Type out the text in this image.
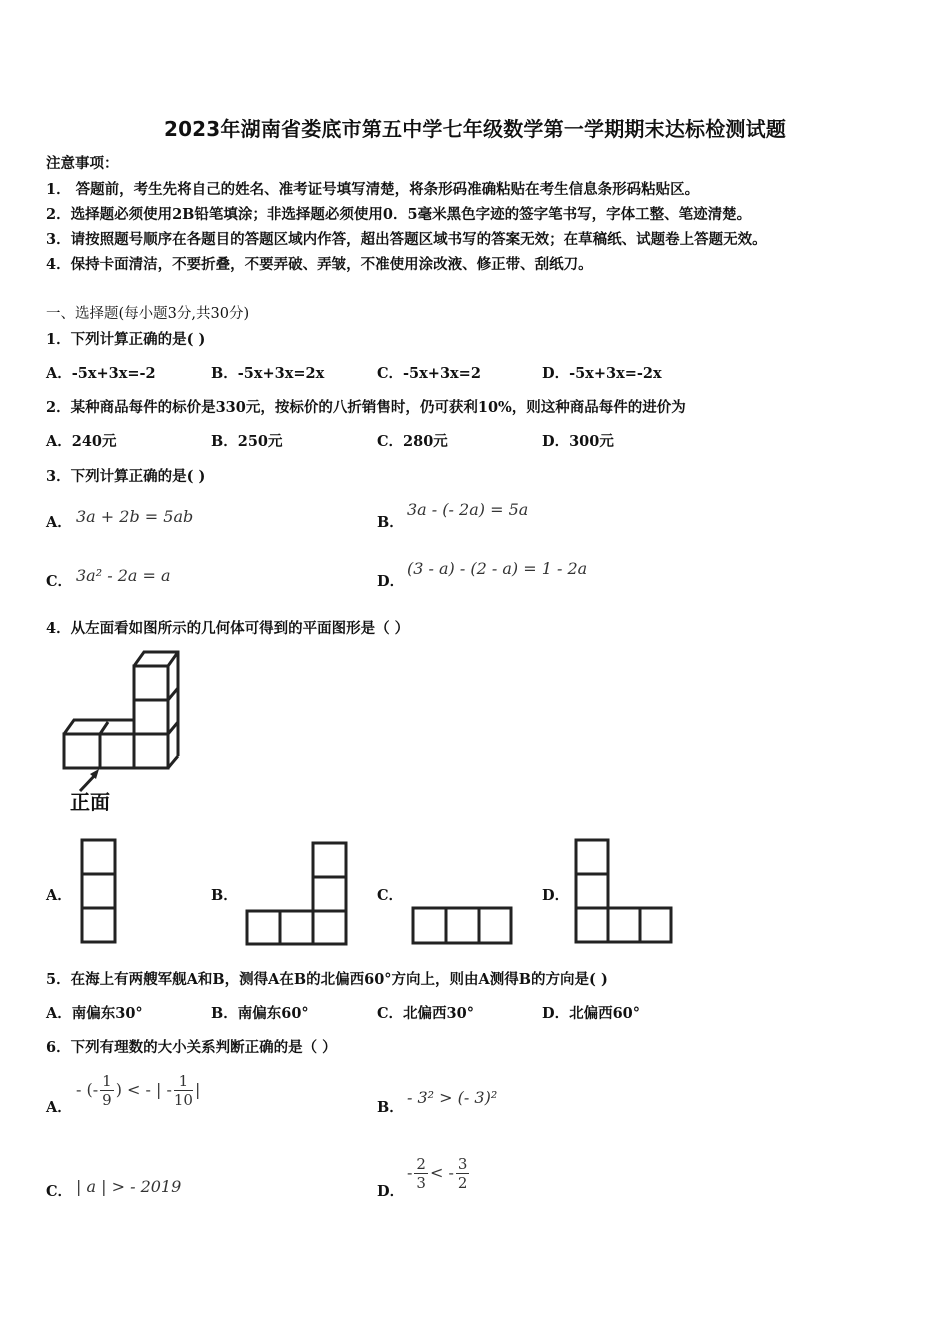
2023年湖南省娄底市第五中学七年级数学第一学期期末达标检测试题
注意事项：
1． 答题前，考生先将自己的姓名、准考证号填写清楚，将条形码准确粘贴在考生信息条形码粘贴区。
2．选择题必须使用2B铅笔填涂；非选择题必须使用0．5毫米黑色字迹的签字笔书写，字体工整、笔迹清楚。
3．请按照题号顺序在各题目的答题区域内作答，超出答题区域书写的答案无效；在草稿纸、试题卷上答题无效。
4．保持卡面清洁，不要折叠，不要弄破、弄皱，不准使用涂改液、修正带、刮纸刀。
一、选择题(每小题3分,共30分)
1．下列计算正确的是( )
A．-5x+3x=-2	B．-5x+3x=2x	C．-5x+3x=2	D．-5x+3x=-2x
2．某种商品每件的标价是330元，按标价的八折销售时，仍可获利10%，则这种商品每件的进价为
A．240元	B．250元	C．280元	D．300元
3．下列计算正确的是( )
A． 3a + 2b = 5ab	B．
3a - (- 2a) = 5a
C． 3a² - 2a = a	D．
(3 - a) - (2 - a) = 1 - 2a
4．从左面看如图所示的几何体可得到的平面图形是（ ）
正面
A．	B．	C．	D．
5．在海上有两艘军舰A和B，测得A在B的北偏西60°方向上，则由A测得B的方向是( )
A．南偏东30°	B．南偏东60°	C．北偏西30°	D．北偏西60°
6．下列有理数的大小关系判断正确的是（ ）
A．
- (- $\frac{1}{9}$ ) < - | - $\frac{1}{10}$ |
B．
- 3² > (- 3)²
C． | a | > - 2019	D．
- $\frac{2}{3}$ < - $\frac{3}{2}$
